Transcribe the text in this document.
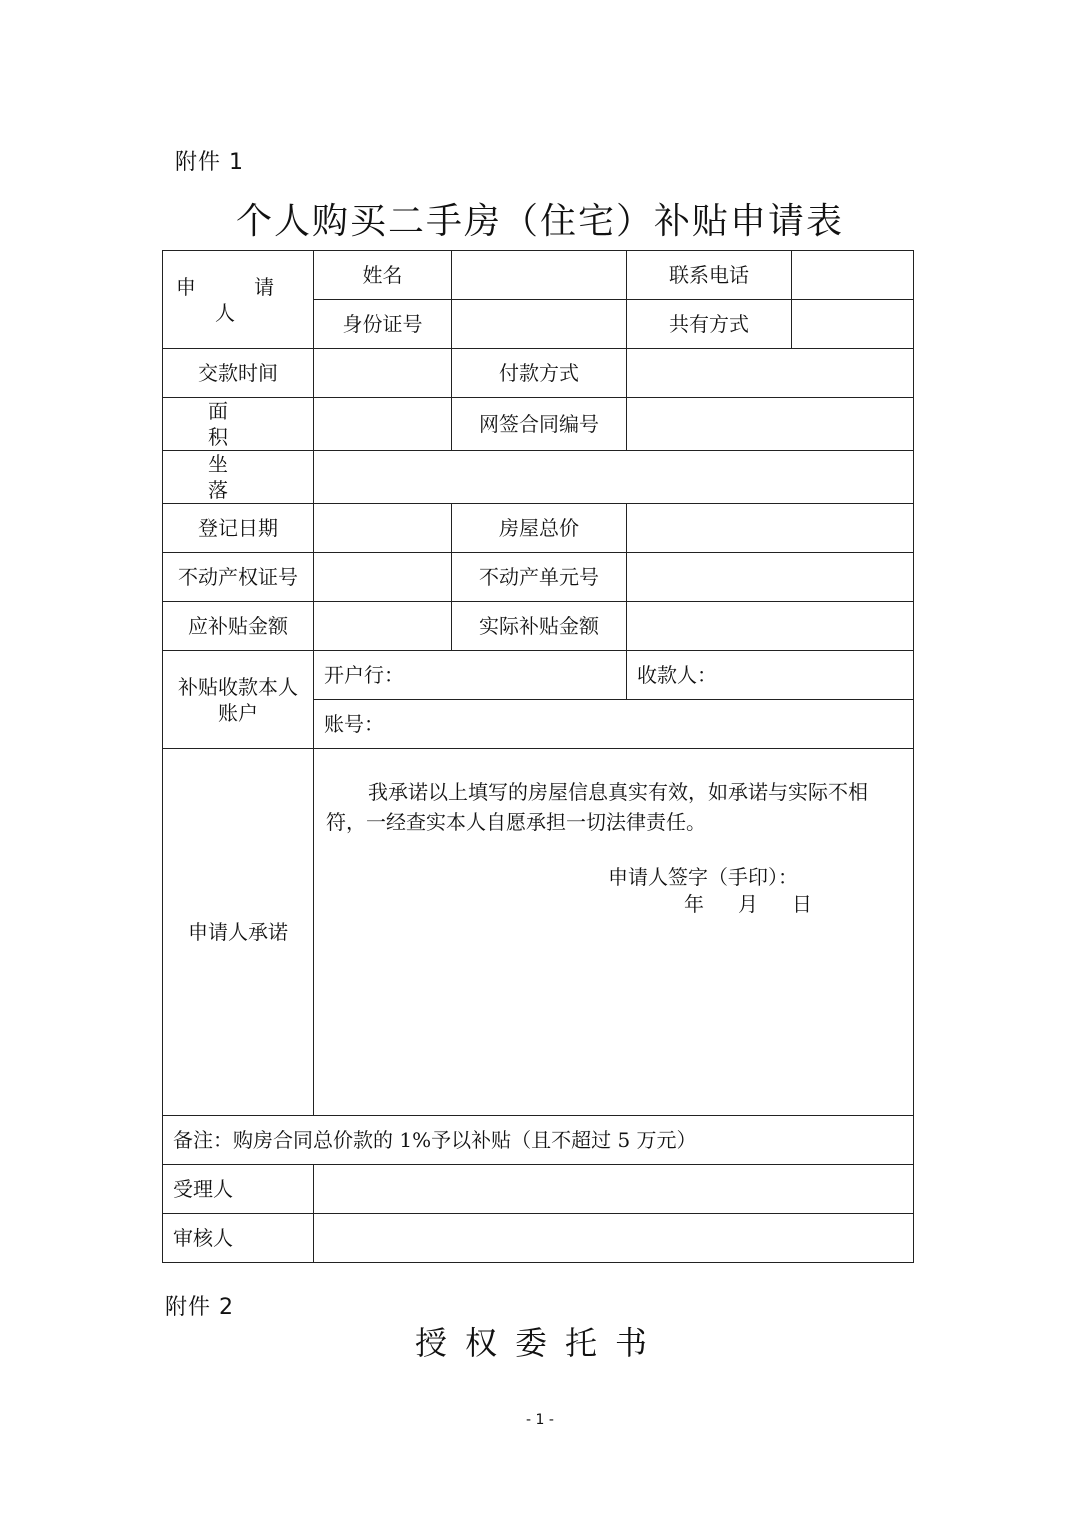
附件 1
个人购买二手房（住宅）补贴申请表
申 请 人	姓名		联系电话	
	身份证号		共有方式	
交款时间		付款方式		
面 积		网签合同编号		
坐 落				
登记日期		房屋总价		
不动产权证号		不动产单元号		
应补贴金额		实际补贴金额		
补贴收款本人账户	开户行：		收款人：	
	账号：			
申请人承诺	我承诺以上填写的房屋信息真实有效，如承诺与实际不相符，一经查实本人自愿承担一切法律责任。
申请人签字（手印）：
年 月 日			

备注：购房合同总价款的 1%予以补贴（且不超过 5 万元）				
受理人				
审核人				
附件 2
授权委托书
- 1 -
